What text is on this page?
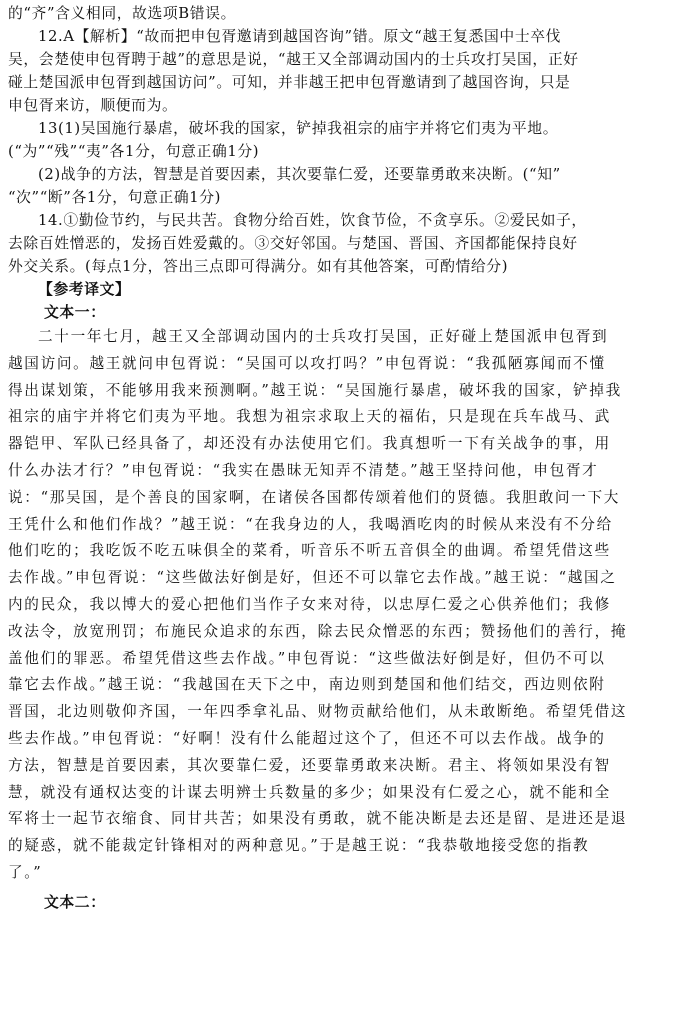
的“齐”含义相同，故选项B错误。
12.A【解析】“故而把申包胥邀请到越国咨询”错。原文“越王复悉国中士卒伐
吴，会楚使申包胥聘于越”的意思是说，“越王又全部调动国内的士兵攻打吴国，正好
碰上楚国派申包胥到越国访问”。可知，并非越王把申包胥邀请到了越国咨询，只是
申包胥来访，顺便而为。
13(1)吴国施行暴虐，破坏我的国家，铲掉我祖宗的庙宇并将它们夷为平地。
(“为”“残”“夷”各1分，句意正确1分)
(2)战争的方法，智慧是首要因素，其次要靠仁爱，还要靠勇敢来决断。(“知”
“次”“断”各1分，句意正确1分)
14.①勤俭节约，与民共苦。食物分给百姓，饮食节俭，不贪享乐。②爱民如子，
去除百姓憎恶的，发扬百姓爱戴的。③交好邻国。与楚国、晋国、齐国都能保持良好
外交关系。(每点1分，答出三点即可得满分。如有其他答案，可酌情给分)
【参考译文】
文本一：
二十一年七月，越王又全部调动国内的士兵攻打吴国，正好碰上楚国派申包胥到
越国访问。越王就问申包胥说：“吴国可以攻打吗？”申包胥说：“我孤陋寡闻而不懂
得出谋划策，不能够用我来预测啊。”越王说：“吴国施行暴虐，破坏我的国家，铲掉我
祖宗的庙宇并将它们夷为平地。我想为祖宗求取上天的福佑，只是现在兵车战马、武
器铠甲、军队已经具备了，却还没有办法使用它们。我真想听一下有关战争的事，用
什么办法才行？”申包胥说：“我实在愚昧无知弄不清楚。”越王坚持问他，申包胥才
说：“那吴国，是个善良的国家啊，在诸侯各国都传颂着他们的贤德。我胆敢问一下大
王凭什么和他们作战？”越王说：“在我身边的人，我喝酒吃肉的时候从来没有不分给
他们吃的；我吃饭不吃五味俱全的菜肴，听音乐不听五音俱全的曲调。希望凭借这些
去作战。”申包胥说：“这些做法好倒是好，但还不可以靠它去作战。”越王说：“越国之
内的民众，我以博大的爱心把他们当作子女来对待，以忠厚仁爱之心供养他们；我修
改法令，放宽刑罚；布施民众追求的东西，除去民众憎恶的东西；赞扬他们的善行，掩
盖他们的罪恶。希望凭借这些去作战。”申包胥说：“这些做法好倒是好，但仍不可以
靠它去作战。”越王说：“我越国在天下之中，南边则到楚国和他们结交，西边则依附
晋国，北边则敬仰齐国，一年四季拿礼品、财物贡献给他们，从未敢断绝。希望凭借这
些去作战。”申包胥说：“好啊！没有什么能超过这个了，但还不可以去作战。战争的
方法，智慧是首要因素，其次要靠仁爱，还要靠勇敢来决断。君主、将领如果没有智
慧，就没有通权达变的计谋去明辨士兵数量的多少；如果没有仁爱之心，就不能和全
军将士一起节衣缩食、同甘共苦；如果没有勇敢，就不能决断是去还是留、是进还是退
的疑惑，就不能裁定针锋相对的两种意见。”于是越王说：“我恭敬地接受您的指教
了。”
文本二：
